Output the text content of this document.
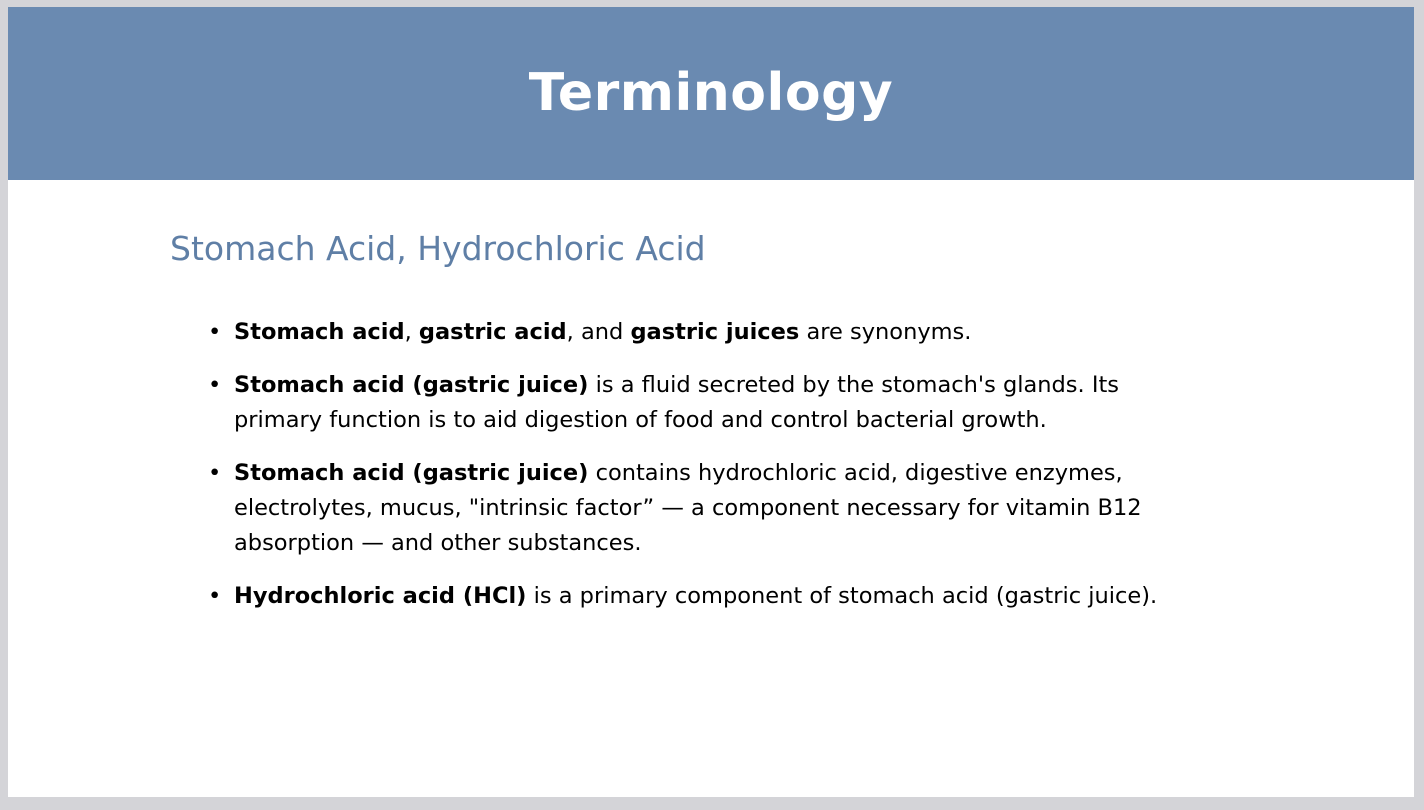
Terminology
Stomach Acid, Hydrochloric Acid
• Stomach acid, gastric acid, and gastric juices are synonyms.
• Stomach acid (gastric juice) is a fluid secreted by the stomach's glands. Its primary function is to aid digestion of food and control bacterial growth.
• Stomach acid (gastric juice) contains hydrochloric acid, digestive enzymes, electrolytes, mucus, "intrinsic factor” — a component necessary for vitamin B12 absorption — and other substances.
• Hydrochloric acid (HCl) is a primary component of stomach acid (gastric juice).
